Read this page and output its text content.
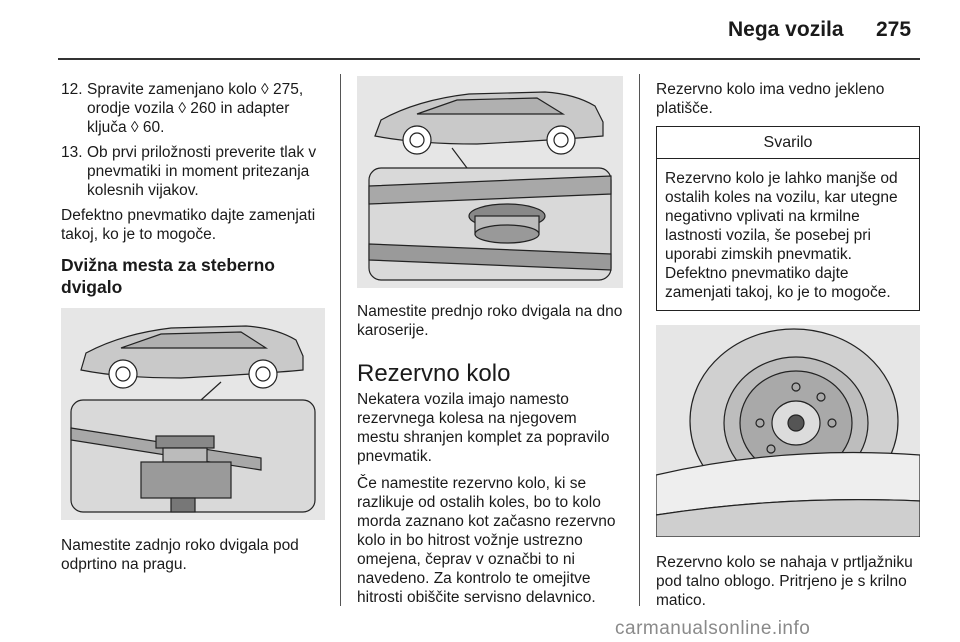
Nega vozila 275
12. Spravite zamenjano kolo ◊ 275, orodje vozila ◊ 260 in adapter ključa ◊ 60.
13. Ob prvi priložnosti preverite tlak v pnevmatiki in moment pritezanja kolesnih vijakov.

Defektno pnevmatiko dajte zamenjati takoj, ko je to mogoče.

Dvižna mesta za steberno dvigalo

Namestite zadnjo roko dvigala pod odprtino na pragu.

Namestite prednjo roko dvigala na dno karoserije.

Rezervno kolo

Nekatera vozila imajo namesto rezervnega kolesa na njegovem mestu shranjen komplet za popravilo pnevmatik.

Če namestite rezervno kolo, ki se razlikuje od ostalih koles, bo to kolo morda zaznano kot začasno rezervno kolo in bo hitrost vožnje ustrezno omejena, čeprav v označbi to ni navedeno. Za kontrolo te omejitve hitrosti obiščite servisno delavnico.

Rezervno kolo ima vedno jekleno platišče.

Svarilo
Rezervno kolo je lahko manjše od ostalih koles na vozilu, kar utegne negativno vplivati na krmilne lastnosti vozila, še posebej pri uporabi zimskih pnevmatik. Defektno pnevmatiko dajte zamenjati takoj, ko je to mogoče.

Rezervno kolo se nahaja v prtljažniku pod talno oblogo. Pritrjeno je s krilno matico.

carmanualsonline.info
